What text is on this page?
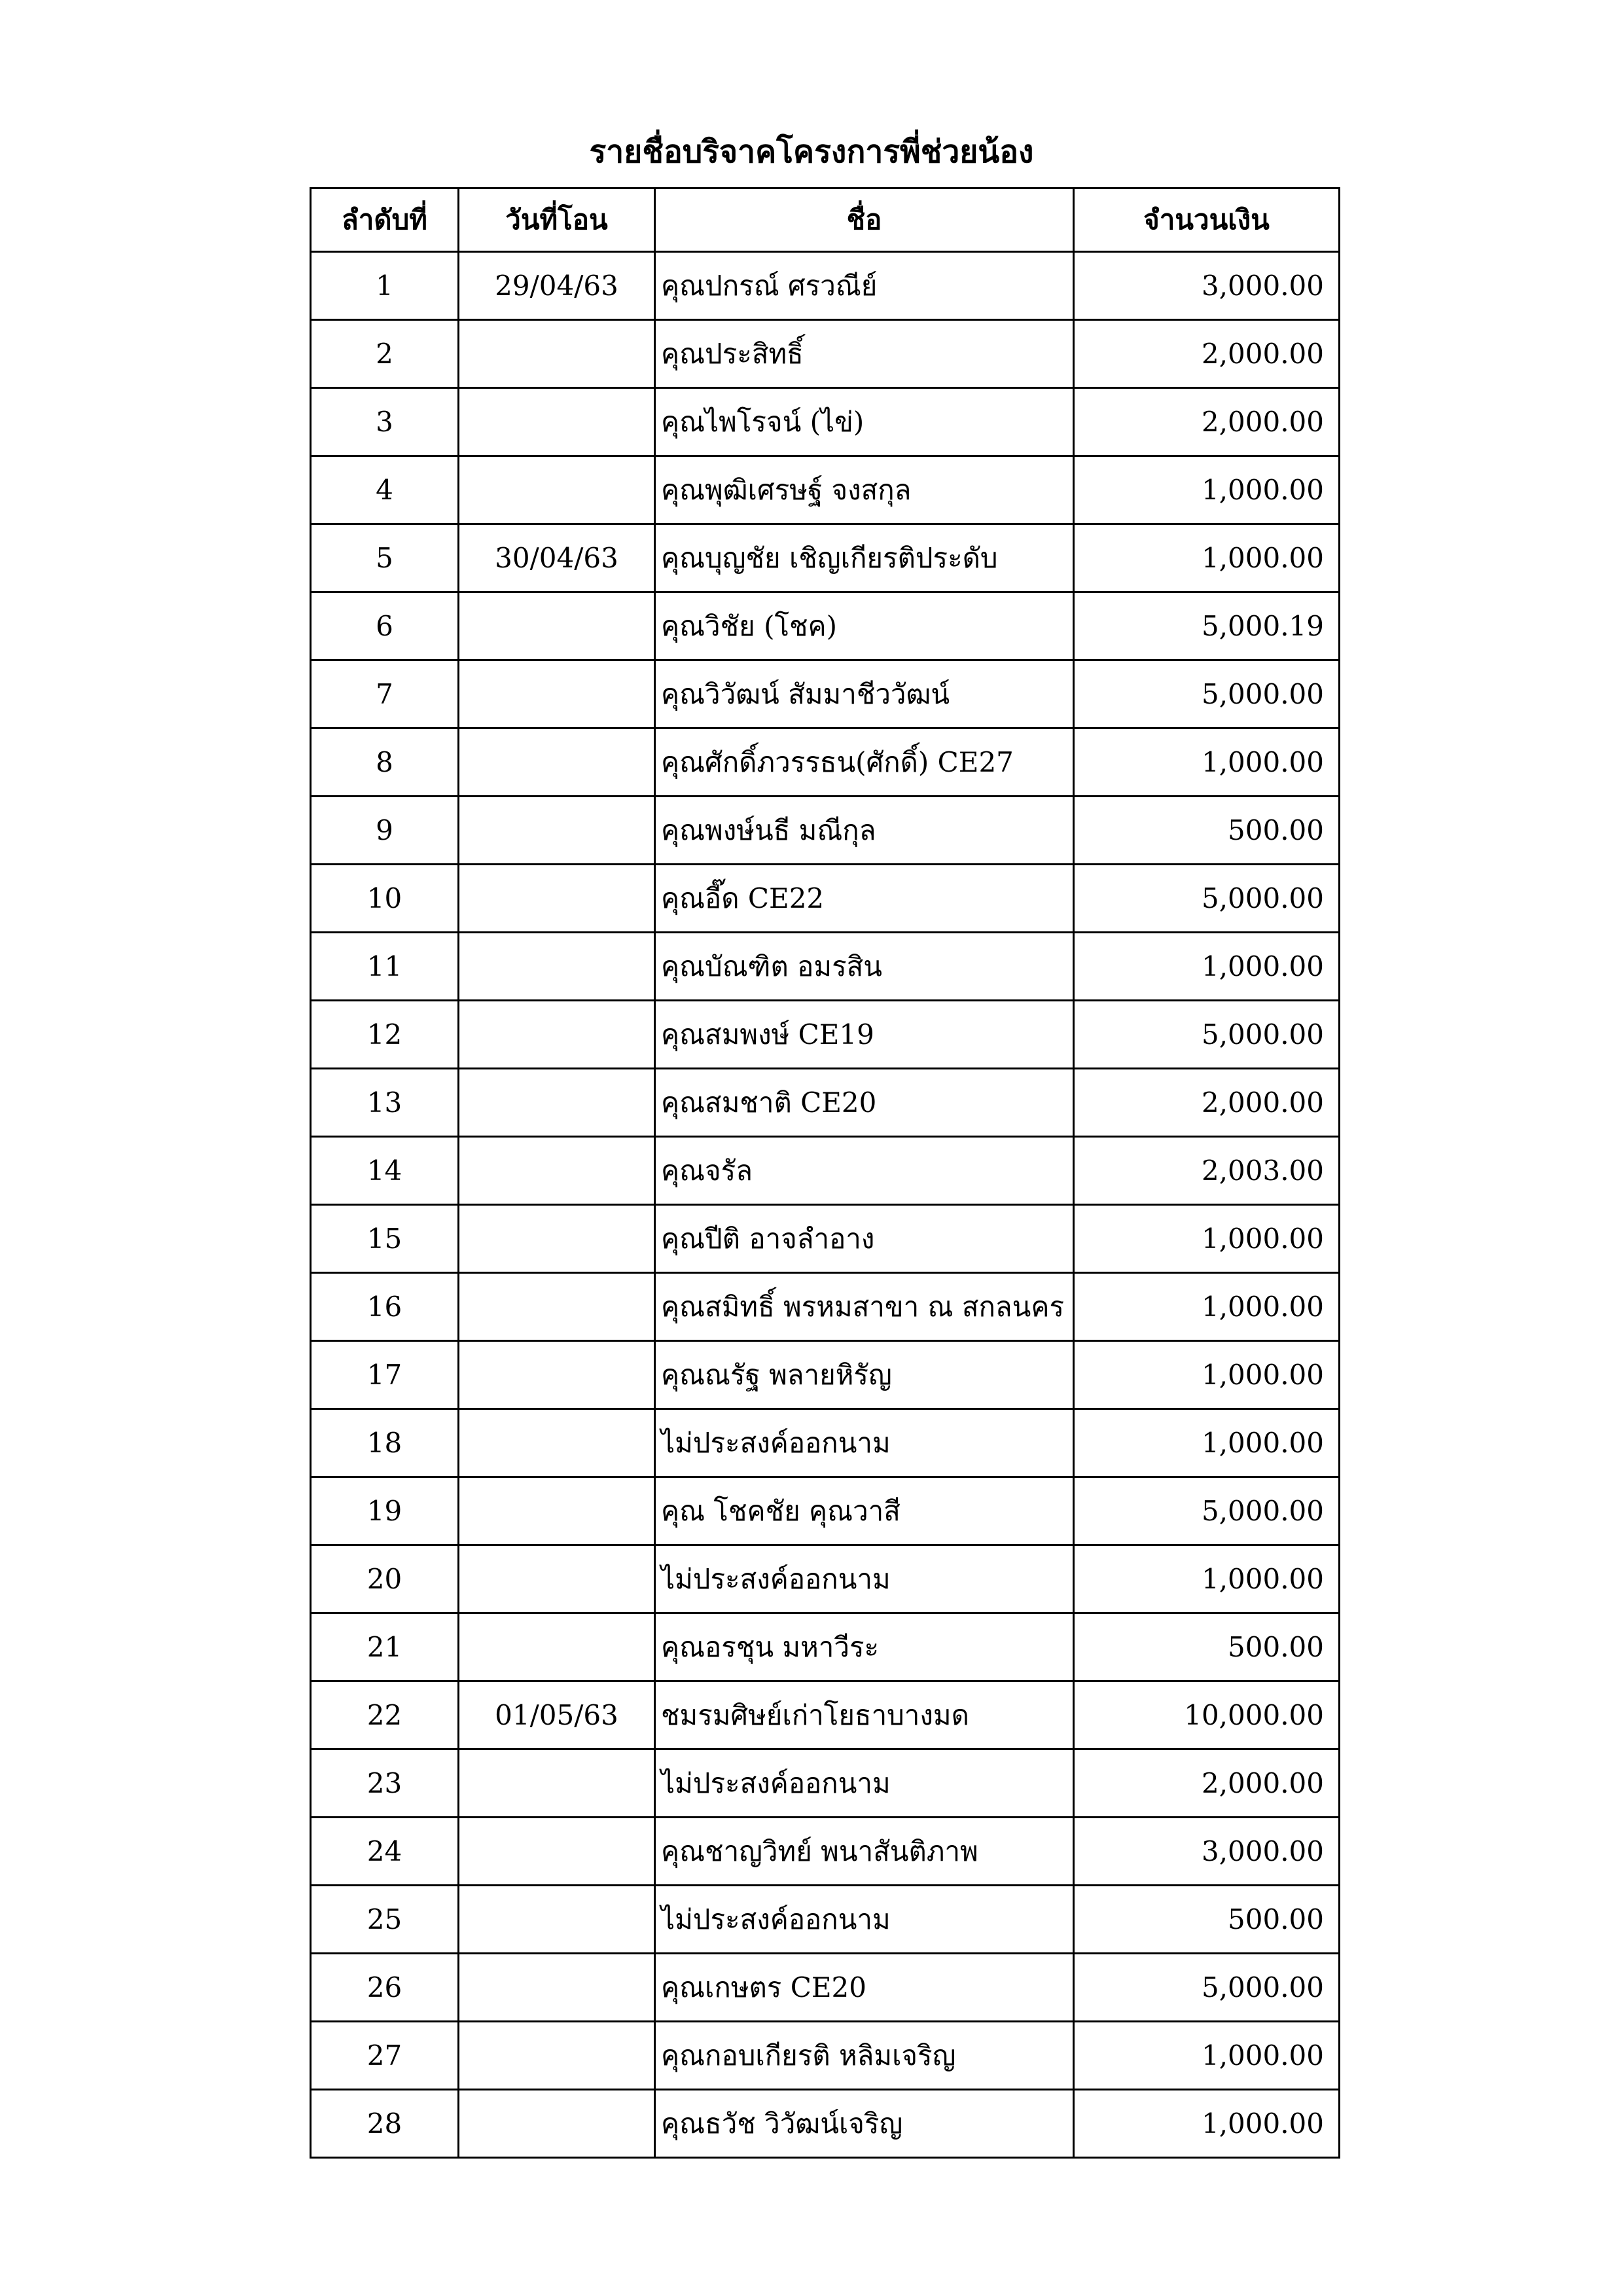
รายชื่อบริจาคโครงการพี่ช่วยน้อง
ลำดับที่	วันที่โอน	ชื่อ	จำนวนเงิน
1	29/04/63	คุณปกรณ์ ศรวณีย์	3,000.00
2		คุณประสิทธิ์	2,000.00
3		คุณไพโรจน์ (ไข่)	2,000.00
4		คุณพุฒิเศรษฐ์ จงสกุล	1,000.00
5	30/04/63	คุณบุญชัย เชิญเกียรติประดับ	1,000.00
6		คุณวิชัย (โชค)	5,000.19
7		คุณวิวัฒน์ สัมมาชีววัฒน์	5,000.00
8		คุณศักดิ์ภวรรธน(ศักดิ์) CE27	1,000.00
9		คุณพงษ์นธี มณีกุล	500.00
10		คุณอี๊ด CE22	5,000.00
11		คุณบัณฑิต อมรสิน	1,000.00
12		คุณสมพงษ์ CE19	5,000.00
13		คุณสมชาติ CE20	2,000.00
14		คุณจรัล	2,003.00
15		คุณปีติ อาจลำอาง	1,000.00
16		คุณสมิทธิ์ พรหมสาขา ณ สกลนคร	1,000.00
17		คุณณรัฐ พลายหิรัญ	1,000.00
18		ไม่ประสงค์ออกนาม	1,000.00
19		คุณ โชคชัย คุณวาสี	5,000.00
20		ไม่ประสงค์ออกนาม	1,000.00
21		คุณอรชุน มหาวีระ	500.00
22	01/05/63	ชมรมศิษย์เก่าโยธาบางมด	10,000.00
23		ไม่ประสงค์ออกนาม	2,000.00
24		คุณชาญวิทย์ พนาสันติภาพ	3,000.00
25		ไม่ประสงค์ออกนาม	500.00
26		คุณเกษตร CE20	5,000.00
27		คุณกอบเกียรติ หลิมเจริญ	1,000.00
28		คุณธวัช วิวัฒน์เจริญ	1,000.00
